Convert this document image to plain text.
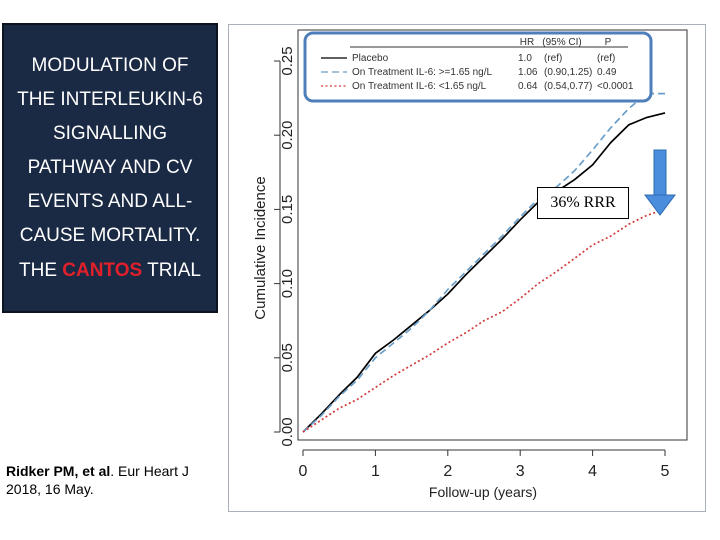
MODULATION OF
THE INTERLEUKIN-6
SIGNALLING
PATHWAY AND CV
EVENTS AND ALL-
CAUSE MORTALITY.
THE CANTOS TRIAL
Ridker PM, et al. Eur Heart J
2018, 16 May.
0.00
0.05
0.10
0.15
0.20
0.25
Cumulative Incidence
0	1	2	3	4	5
Follow-up (years)
HR (95% CI) P
Placebo	1.0 (ref)	(ref)
On Treatment IL-6: >=1.65 ng/L	1.06 (0.90,1.25) 0.49
On Treatment IL-6: <1.65 ng/L	0.64 (0.54,0.77) <0.0001
36% RRR
